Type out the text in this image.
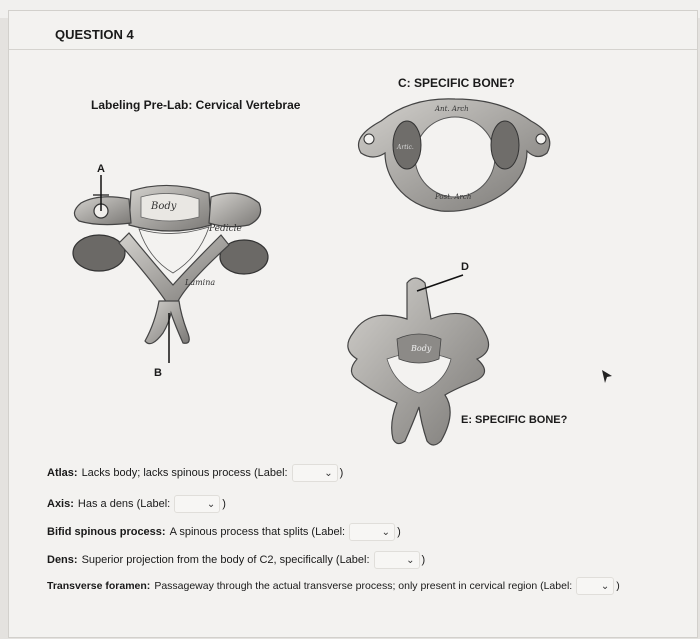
QUESTION 4
Labeling Pre-Lab: Cervical Vertebrae
A
B
Body
Pedicle
Lamina
C: SPECIFIC BONE?
Ant. Arch
Post. Arch
Artic.
D
Body
E: SPECIFIC BONE?
Atlas: Lacks body; lacks spinous process (Label:	⌄ )
Axis: Has a dens (Label:	⌄ )
Bifid spinous process: A spinous process that splits (Label:	⌄ )
Dens: Superior projection from the body of C2, specifically (Label:	⌄ )
Transverse foramen: Passageway through the actual transverse process; only present in cervical region (Label:	⌄ )
